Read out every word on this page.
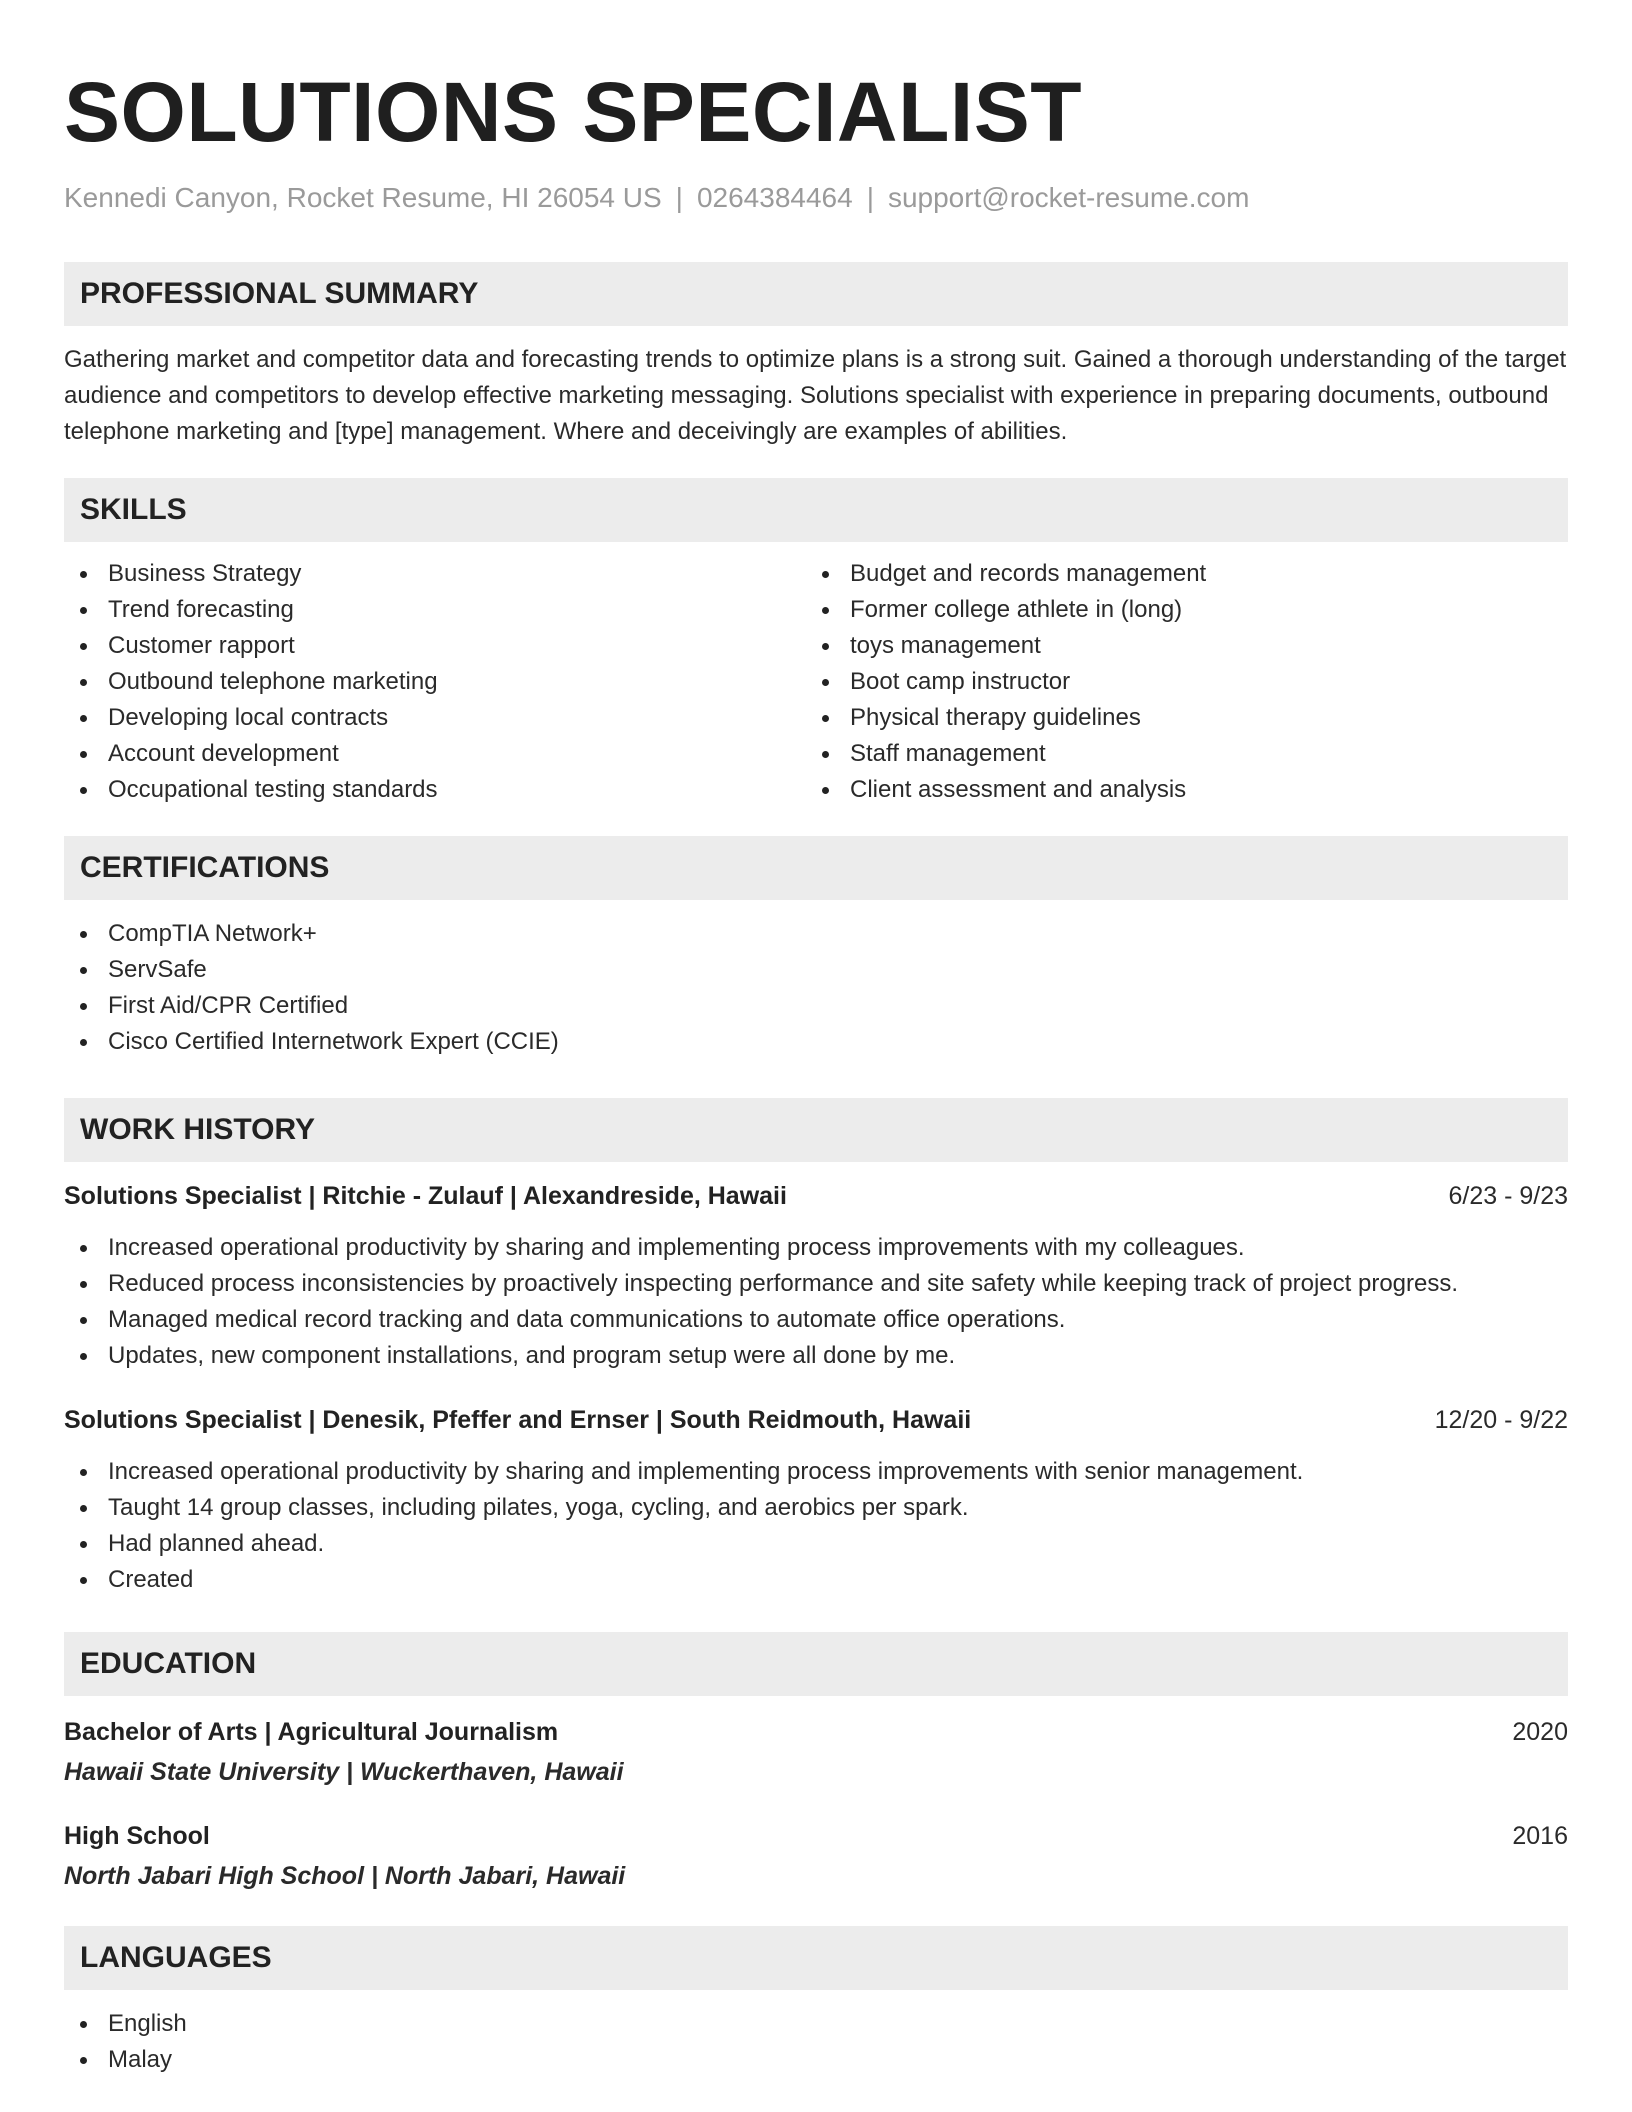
SOLUTIONS SPECIALIST
Kennedi Canyon, Rocket Resume, HI 26054 US | 0264384464 | support@rocket-resume.com
PROFESSIONAL SUMMARY
Gathering market and competitor data and forecasting trends to optimize plans is a strong suit. Gained a thorough understanding of the target audience and competitors to develop effective marketing messaging. Solutions specialist with experience in preparing documents, outbound telephone marketing and [type] management. Where and deceivingly are examples of abilities.
SKILLS
Business Strategy
Trend forecasting
Customer rapport
Outbound telephone marketing
Developing local contracts
Account development
Occupational testing standards
Budget and records management
Former college athlete in (long)
toys management
Boot camp instructor
Physical therapy guidelines
Staff management
Client assessment and analysis
CERTIFICATIONS
CompTIA Network+
ServSafe
First Aid/CPR Certified
Cisco Certified Internetwork Expert (CCIE)
WORK HISTORY
Solutions Specialist | Ritchie - Zulauf | Alexandreside, Hawaii	6/23 - 9/23
Increased operational productivity by sharing and implementing process improvements with my colleagues.
Reduced process inconsistencies by proactively inspecting performance and site safety while keeping track of project progress.
Managed medical record tracking and data communications to automate office operations.
Updates, new component installations, and program setup were all done by me.
Solutions Specialist | Denesik, Pfeffer and Ernser | South Reidmouth, Hawaii	12/20 - 9/22
Increased operational productivity by sharing and implementing process improvements with senior management.
Taught 14 group classes, including pilates, yoga, cycling, and aerobics per spark.
Had planned ahead.
Created
EDUCATION
Bachelor of Arts | Agricultural Journalism	2020
Hawaii State University | Wuckerthaven, Hawaii
High School	2016
North Jabari High School | North Jabari, Hawaii
LANGUAGES
English
Malay
